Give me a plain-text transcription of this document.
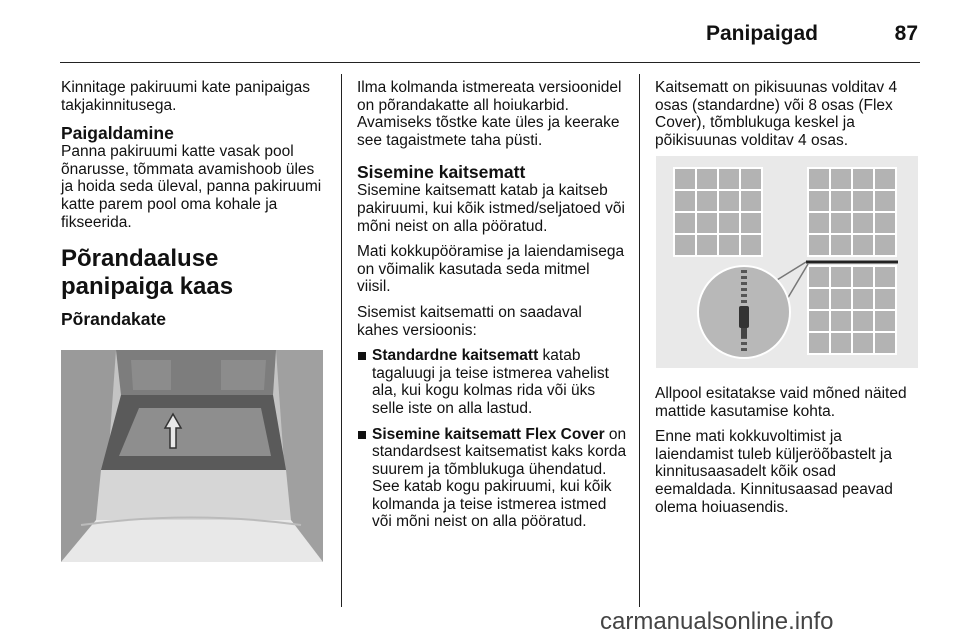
Panipaigad	87

Kinnitage pakiruumi kate panipaigas takjakinnitusega.

Paigaldamine

Panna pakiruumi katte vasak pool õnarusse, tõmmata avamishoob üles ja hoida seda üleval, panna pakiruumi katte parem pool oma kohale ja fikseerida.

Põrandaaluse panipaiga kaas
Põrandakate

Ilma kolmanda istmereata versioonidel on põrandakatte all hoiukarbid. Avamiseks tõstke kate üles ja keerake see tagaistmete taha püsti.

Sisemine kaitsematt

Sisemine kaitsematt katab ja kaitseb pakiruumi, kui kõik istmed/seljatoed või mõni neist on alla pööratud.

Mati kokkupööramise ja laiendamisega on võimalik kasutada seda mitmel viisil.

Sisemist kaitsematti on saadaval kahes versioonis:

Standardne kaitsematt katab tagaluugi ja teise istmerea vahelist ala, kui kogu kolmas rida või üks selle iste on alla lastud.
Sisemine kaitsematt Flex Cover on standardsest kaitsematist kaks korda suurem ja tõmblukuga ühendatud. See katab kogu pakiruumi, kui kõik kolmanda ja teise istmerea istmed või mõni neist on alla pööratud.

Kaitsematt on pikisuunas volditav 4 osas (standardne) või 8 osas (Flex Cover), tõmblukuga keskel ja põikisuunas volditav 4 osas.

Allpool esitatakse vaid mõned näited mattide kasutamise kohta.

Enne mati kokkuvoltimist ja laiendamist tuleb küljeröõbastelt ja kinnitusaasadelt kõik osad eemaldada. Kinnitusaasad peavad olema hoiuasendis.

carmanualsonline.info
